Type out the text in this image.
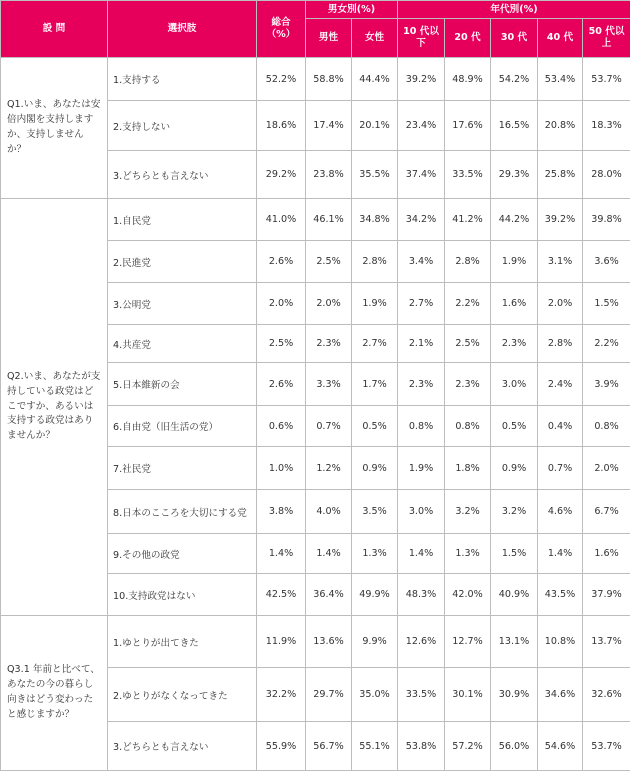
設 問	選択肢	総合（%）	男女別(%)		年代別(%)				
			男性	女性	10 代以下	20 代	30 代	40 代	50 代以上
Q1.いま、あなたは安倍内閣を支持しますか、支持しませんか？	1.支持する	52.2%	58.8%	44.4%	39.2%	48.9%	54.2%	53.4%	53.7%
	2.支持しない	18.6%	17.4%	20.1%	23.4%	17.6%	16.5%	20.8%	18.3%
	3.どちらとも言えない	29.2%	23.8%	35.5%	37.4%	33.5%	29.3%	25.8%	28.0%
Q2.いま、あなたが支持している政党はどこですか、あるいは支持する政党はありませんか？	1.自民党	41.0%	46.1%	34.8%	34.2%	41.2%	44.2%	39.2%	39.8%
	2.民進党	2.6%	2.5%	2.8%	3.4%	2.8%	1.9%	3.1%	3.6%
	3.公明党	2.0%	2.0%	1.9%	2.7%	2.2%	1.6%	2.0%	1.5%
	4.共産党	2.5%	2.3%	2.7%	2.1%	2.5%	2.3%	2.8%	2.2%
	5.日本維新の会	2.6%	3.3%	1.7%	2.3%	2.3%	3.0%	2.4%	3.9%
	6.自由党（旧生活の党）	0.6%	0.7%	0.5%	0.8%	0.8%	0.5%	0.4%	0.8%
	7.社民党	1.0%	1.2%	0.9%	1.9%	1.8%	0.9%	0.7%	2.0%
	8.日本のこころを大切にする党	3.8%	4.0%	3.5%	3.0%	3.2%	3.2%	4.6%	6.7%
	9.その他の政党	1.4%	1.4%	1.3%	1.4%	1.3%	1.5%	1.4%	1.6%
	10.支持政党はない	42.5%	36.4%	49.9%	48.3%	42.0%	40.9%	43.5%	37.9%
Q3.1 年前と比べて、あなたの今の暮らし向きはどう変わったと感じますか？	1.ゆとりが出てきた	11.9%	13.6%	9.9%	12.6%	12.7%	13.1%	10.8%	13.7%
	2.ゆとりがなくなってきた	32.2%	29.7%	35.0%	33.5%	30.1%	30.9%	34.6%	32.6%
	3.どちらとも言えない	55.9%	56.7%	55.1%	53.8%	57.2%	56.0%	54.6%	53.7%
